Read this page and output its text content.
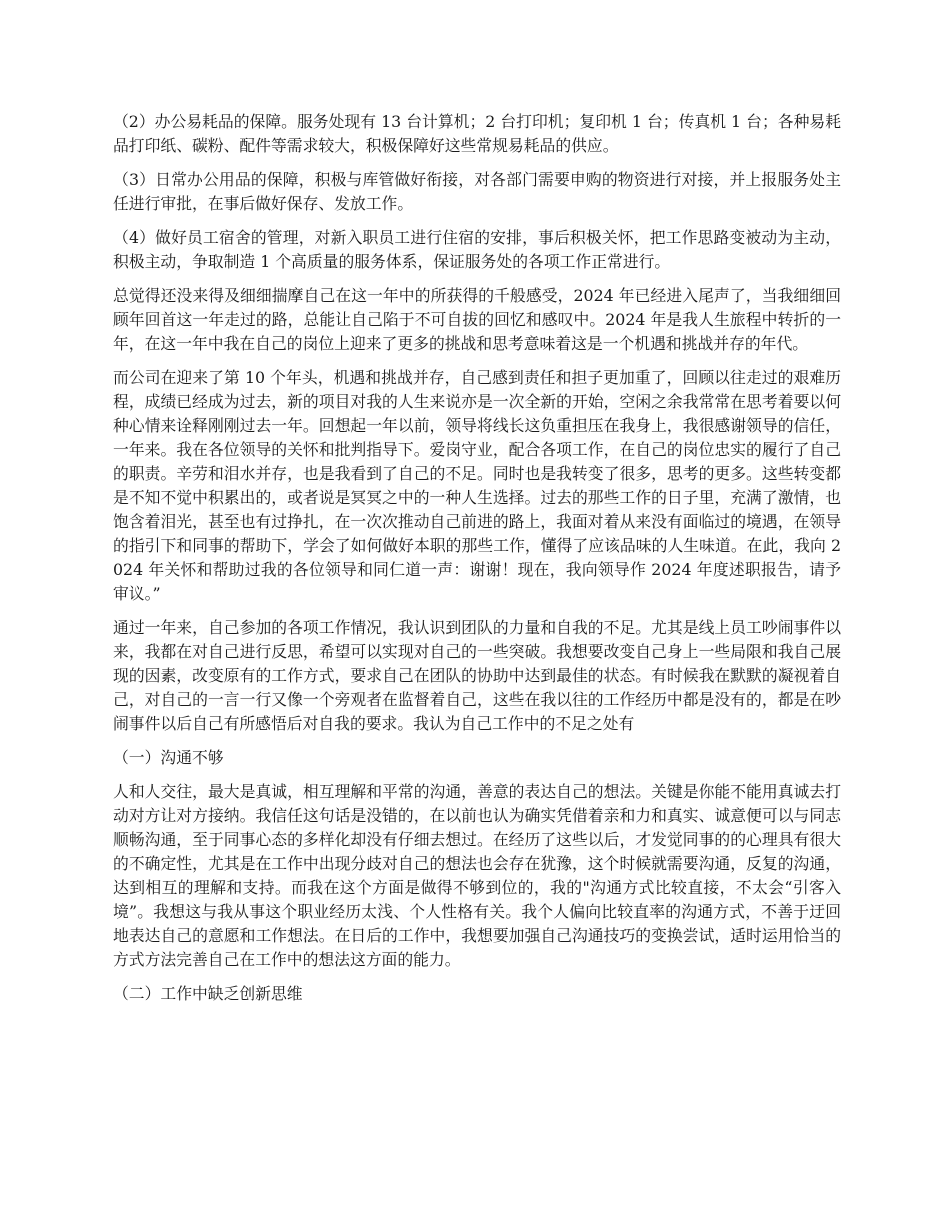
（2）办公易耗品的保障。服务处现有 13 台计算机；2 台打印机；复印机 1 台；传真机 1 台；各种易耗品打印纸、碳粉、配件等需求较大，积极保障好这些常规易耗品的供应。

（3）日常办公用品的保障，积极与库管做好衔接，对各部门需要申购的物资进行对接，并上报服务处主任进行审批，在事后做好保存、发放工作。

（4）做好员工宿舍的管理，对新入职员工进行住宿的安排，事后积极关怀，把工作思路变被动为主动，积极主动，争取制造 1 个高质量的服务体系，保证服务处的各项工作正常进行。

总觉得还没来得及细细揣摩自己在这一年中的所获得的千般感受，2024 年已经进入尾声了，当我细细回顾年回首这一年走过的路，总能让自己陷于不可自拔的回忆和感叹中。2024 年是我人生旅程中转折的一年，在这一年中我在自己的岗位上迎来了更多的挑战和思考意味着这是一个机遇和挑战并存的年代。

而公司在迎来了第 10 个年头，机遇和挑战并存，自己感到责任和担子更加重了，回顾以往走过的艰难历程，成绩已经成为过去，新的项目对我的人生来说亦是一次全新的开始，空闲之余我常常在思考着要以何种心情来诠释刚刚过去一年。回想起一年以前，领导将线长这负重担压在我身上，我很感谢领导的信任，一年来。我在各位领导的关怀和批判指导下。爱岗守业，配合各项工作，在自己的岗位忠实的履行了自己的职责。辛劳和泪水并存，也是我看到了自己的不足。同时也是我转变了很多，思考的更多。这些转变都是不知不觉中积累出的，或者说是冥冥之中的一种人生选择。过去的那些工作的日子里，充满了激情，也饱含着泪光，甚至也有过挣扎，在一次次推动自己前进的路上，我面对着从来没有面临过的境遇，在领导的指引下和同事的帮助下，学会了如何做好本职的那些工作，懂得了应该品味的人生味道。在此，我向 2024 年关怀和帮助过我的各位领导和同仁道一声：谢谢！现在，我向领导作 2024 年度述职报告，请予审议。”

通过一年来，自己参加的各项工作情况，我认识到团队的力量和自我的不足。尤其是线上员工吵闹事件以来，我都在对自己进行反思，希望可以实现对自己的一些突破。我想要改变自己身上一些局限和我自己展现的因素，改变原有的工作方式，要求自己在团队的协助中达到最佳的状态。有时候我在默默的凝视着自己，对自己的一言一行又像一个旁观者在监督着自己，这些在我以往的工作经历中都是没有的，都是在吵闹事件以后自己有所感悟后对自我的要求。我认为自己工作中的不足之处有

（一）沟通不够

人和人交往，最大是真诚，相互理解和平常的沟通，善意的表达自己的想法。关键是你能不能用真诚去打动对方让对方接纳。我信任这句话是没错的，在以前也认为确实凭借着亲和力和真实、诚意便可以与同志顺畅沟通，至于同事心态的多样化却没有仔细去想过。在经历了这些以后，才发觉同事的的心理具有很大的不确定性，尤其是在工作中出现分歧对自己的想法也会存在犹豫，这个时候就需要沟通，反复的沟通，达到相互的理解和支持。而我在这个方面是做得不够到位的，我的"沟通方式比较直接，不太会“引客入境”。我想这与我从事这个职业经历太浅、个人性格有关。我个人偏向比较直率的沟通方式，不善于迂回地表达自己的意愿和工作想法。在日后的工作中，我想要加强自己沟通技巧的变换尝试，适时运用恰当的方式方法完善自己在工作中的想法这方面的能力。

（二）工作中缺乏创新思维
